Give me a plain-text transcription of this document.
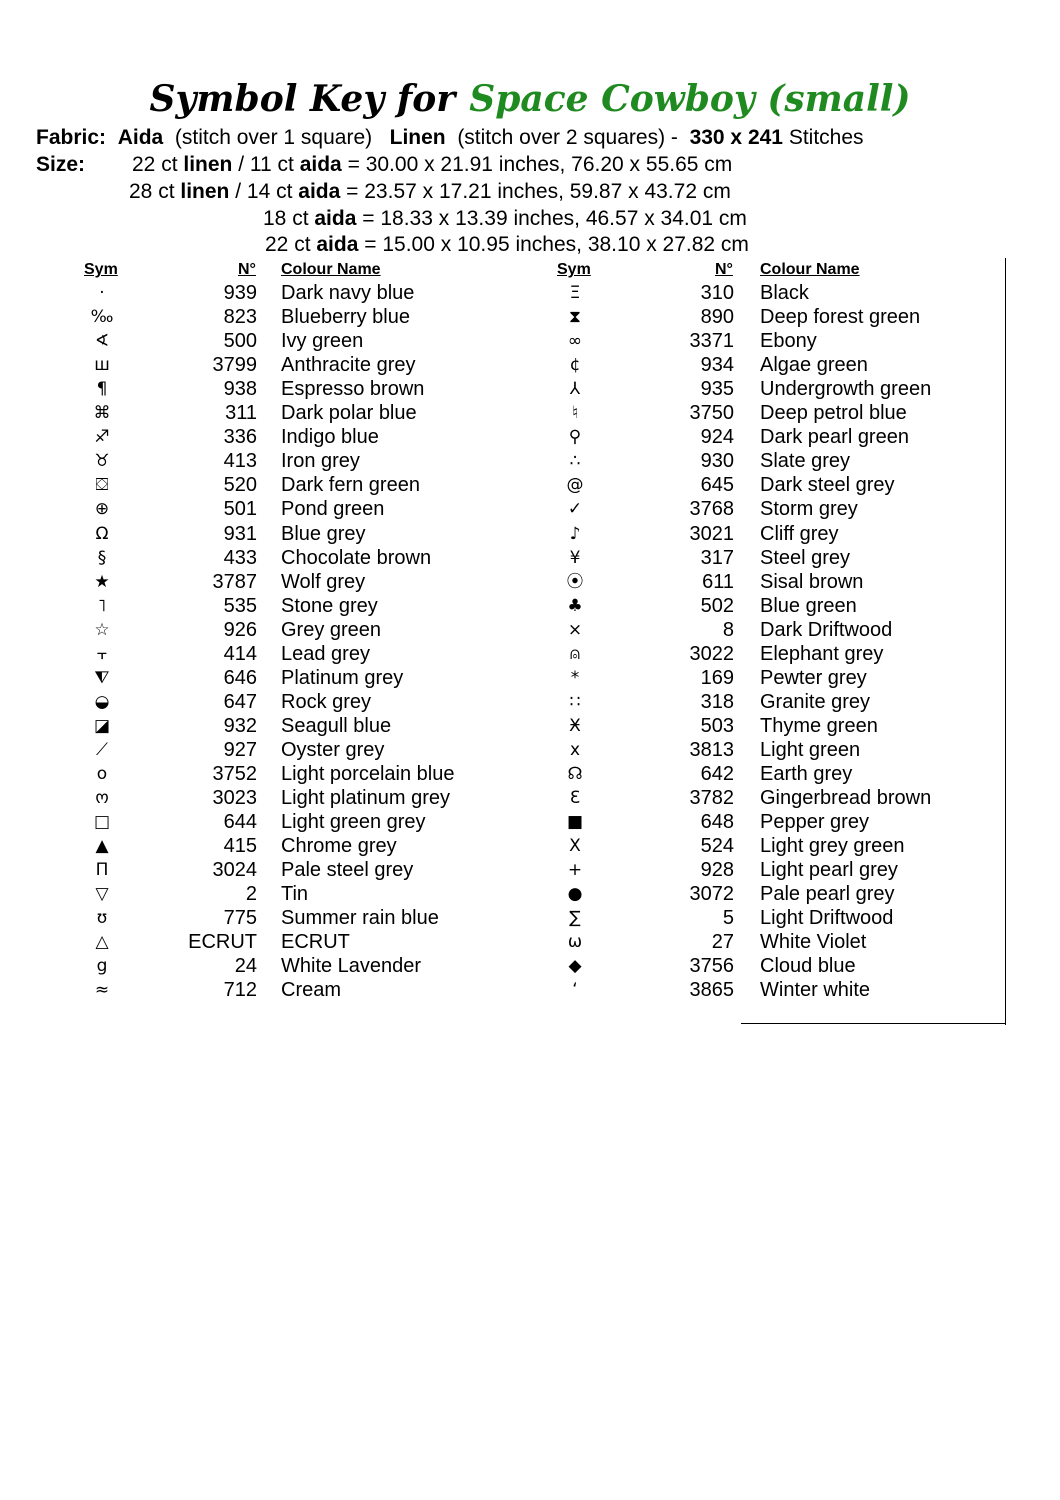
Symbol Key for Space Cowboy (small)
Fabric: Aida (stitch over 1 square) Linen (stitch over 2 squares) - 330 x 241 Stitches
Size: 22 ct linen / 11 ct aida = 30.00 x 21.91 inches, 76.20 x 55.65 cm
28 ct linen / 14 ct aida = 23.57 x 17.21 inches, 59.87 x 43.72 cm
18 ct aida = 18.33 x 13.39 inches, 46.57 x 34.01 cm
22 ct aida = 15.00 x 10.95 inches, 38.10 x 27.82 cm
Sym	N° Colour Name	Sym	N° Colour Name
·	939 Dark navy blue
‰	823 Blueberry blue
∢	500 Ivy green
ш	3799 Anthracite grey
¶	938 Espresso brown
⌘	311 Dark polar blue
♐	336 Indigo blue
♉	413 Iron grey
⛋	520 Dark fern green
⊕	501 Pond green
Ω	931 Blue grey
§	433 Chocolate brown
★	3787 Wolf grey
˥	535 Stone grey
☆	926 Grey green
⫟	414 Lead grey
⧨	646 Platinum grey
◒	647 Rock grey
◪	932 Seagull blue
⟋	927 Oyster grey
o	3752 Light porcelain blue
ო	3023 Light platinum grey
□	644 Light green grey
▲	415 Chrome grey
Π	3024 Pale steel grey
▽	2 Tin
ʊ	775 Summer rain blue
△	ECRUT ECRUT
g	24 White Lavender
≈	712 Cream
Ξ	310 Black
⧗	890 Deep forest green
∞	3371 Ebony
¢	934 Algae green
⅄	935 Undergrowth green
♮	3750 Deep petrol blue
⚲	924 Dark pearl green
∴	930 Slate grey
@	645 Dark steel grey
✓	3768 Storm grey
♪	3021 Cliff grey
¥	317 Steel grey
⦿	611 Sisal brown
♣	502 Blue green
⨯	8 Dark Driftwood
⍝	3022 Elephant grey
*	169 Pewter grey
∷	318 Granite grey
Ӿ	503 Thyme green
x	3813 Light green
☊	642 Earth grey
Ɛ	3782 Gingerbread brown
■	648 Pepper grey
X	524 Light grey green
+	928 Light pearl grey
●	3072 Pale pearl grey
∑	5 Light Driftwood
ω	27 White Violet
◆	3756 Cloud blue
ʻ	3865 Winter white
